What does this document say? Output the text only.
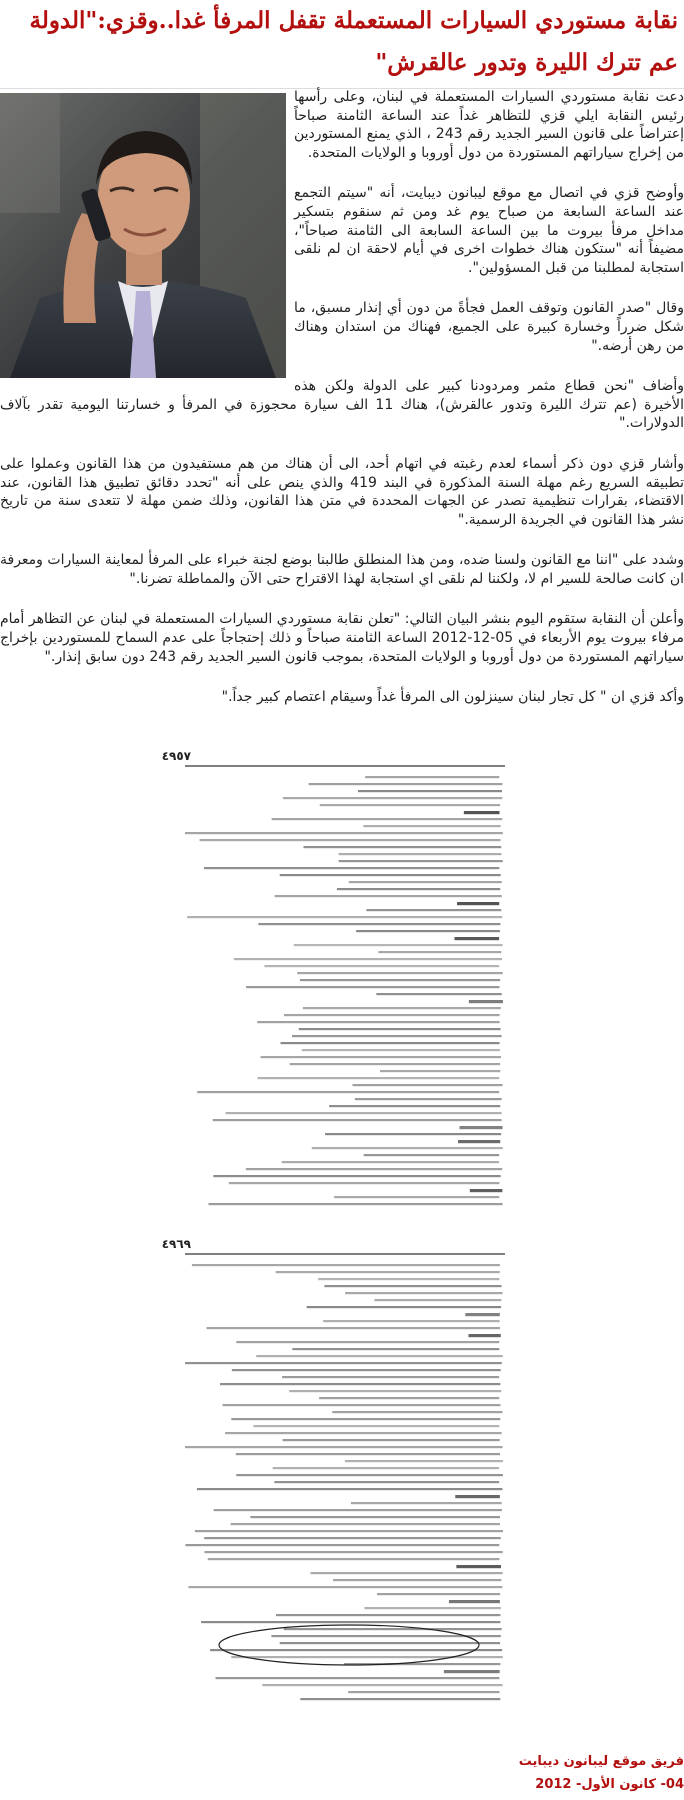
نقابة مستوردي السيارات المستعملة تقفل المرفأ غدا..وقزي:"الدولة عم تترك الليرة وتدور عالقرش"

دعت نقابة مستوردي السيارات المستعملة في لبنان، وعلى رأسها رئيس النقابة ايلي قزي للتظاهر غداً عند الساعة الثامنة صباحاً إعتراضاً على قانون السير الجديد رقم 243 ، الذي يمنع المستوردين من إخراج سياراتهم المستوردة من دول أوروبا و الولايات المتحدة.

وأوضح قزي في اتصال مع موقع ليبانون ديبايت، أنه "سيتم التجمع عند الساعة السابعة من صباح يوم غد ومن ثم سنقوم بتسكير مداخل مرفأ بيروت ما بين الساعة السابعة الى الثامنة صباحاً"، مضيفاً أنه "ستكون هناك خطوات اخرى في أيام لاحقة ان لم نلقى استجابة لمطلبنا من قبل المسؤولين".

وقال "صدر القانون وتوقف العمل فجأةً من دون أي إنذار مسبق، ما شكل ضرراً وخسارة كبيرة على الجميع، فهناك من استدان وهناك من رهن أرضه."

وأضاف "نحن قطاع مثمر ومردودنا كبير على الدولة ولكن هذه الأخيرة (عم تترك الليرة وتدور عالقرش)، هناك 11 الف سيارة محجوزة في المرفأ و خسارتنا اليومية تقدر بآلاف الدولارات."

وأشار قزي دون ذكر أسماء لعدم رغبته في اتهام أحد، الى أن هناك من هم مستفيدون من هذا القانون وعملوا على تطبيقه السريع رغم مهلة السنة المذكورة في البند 419 والذي ينص على أنه "تحدد دقائق تطبيق هذا القانون، عند الاقتضاء، بقرارات تنظيمية تصدر عن الجهات المحددة في متن هذا القانون، وذلك ضمن مهلة لا تتعدى سنة من تاريخ نشر هذا القانون في الجريدة الرسمية."

وشدد على "اننا مع القانون ولسنا ضده، ومن هذا المنطلق طالبنا بوضع لجنة خبراء على المرفأ لمعاينة السيارات ومعرفة ان كانت صالحة للسير ام لا، ولكننا لم نلقى اي استجابة لهذا الاقتراح حتى الآن والمماطلة تضرنا."

وأعلن أن النقابة ستقوم اليوم بنشر البيان التالي: "تعلن نقابة مستوردي السيارات المستعملة في لبنان عن التظاهر أمام مرفاء بيروت يوم الأربعاء في 05-12-2012 الساعة الثامنة صباحاً و ذلك إحتجاجاً على عدم السماح للمستوردين بإخراج سياراتهم المستوردة من دول أوروبا و الولايات المتحدة، بموجب قانون السير الجديد رقم 243 دون سابق إنذار."

وأكد قزي ان " كل تجار لبنان سينزلون الى المرفأ غداً وسيقام اعتصام كبير جداً."

٤٩٥٧
٤٩٦٩

فريق موقع ليبانون ديبايت

04- كانون الأول- 2012
